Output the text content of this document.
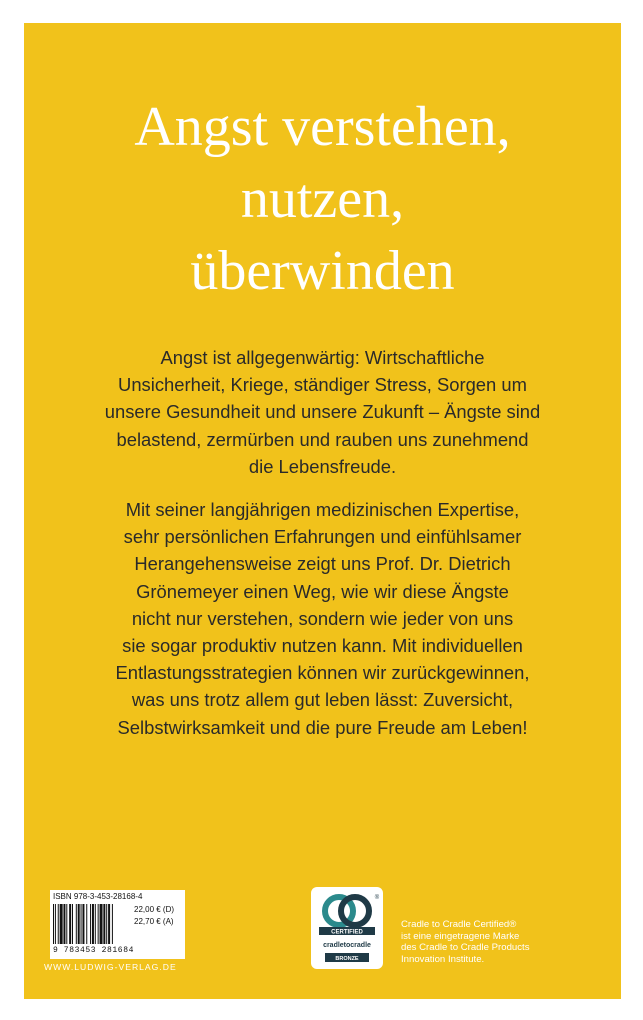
Angst verstehen,
nutzen,
überwinden

Angst ist allgegenwärtig: Wirtschaftliche
Unsicherheit, Kriege, ständiger Stress, Sorgen um
unsere Gesundheit und unsere Zukunft – Ängste sind
belastend, zermürben und rauben uns zunehmend
die Lebensfreude.

Mit seiner langjährigen medizinischen Expertise,
sehr persönlichen Erfahrungen und einfühlsamer
Herangehensweise zeigt uns Prof. Dr. Dietrich
Grönemeyer einen Weg, wie wir diese Ängste
nicht nur verstehen, sondern wie jeder von uns
sie sogar produktiv nutzen kann. Mit individuellen
Entlastungsstrategien können wir zurückgewinnen,
was uns trotz allem gut leben lässt: Zuversicht,
Selbstwirksamkeit und die pure Freude am Leben!

ISBN 978-3-453-28168-4
22,00 € (D)
22,70 € (A)
9 783453 281684
WWW.LUDWIG-VERLAG.DE
CERTIFIED
cradletocradle
BRONZE
®

Cradle to Cradle Certified®
ist eine eingetragene Marke
des Cradle to Cradle Products
Innovation Institute.
